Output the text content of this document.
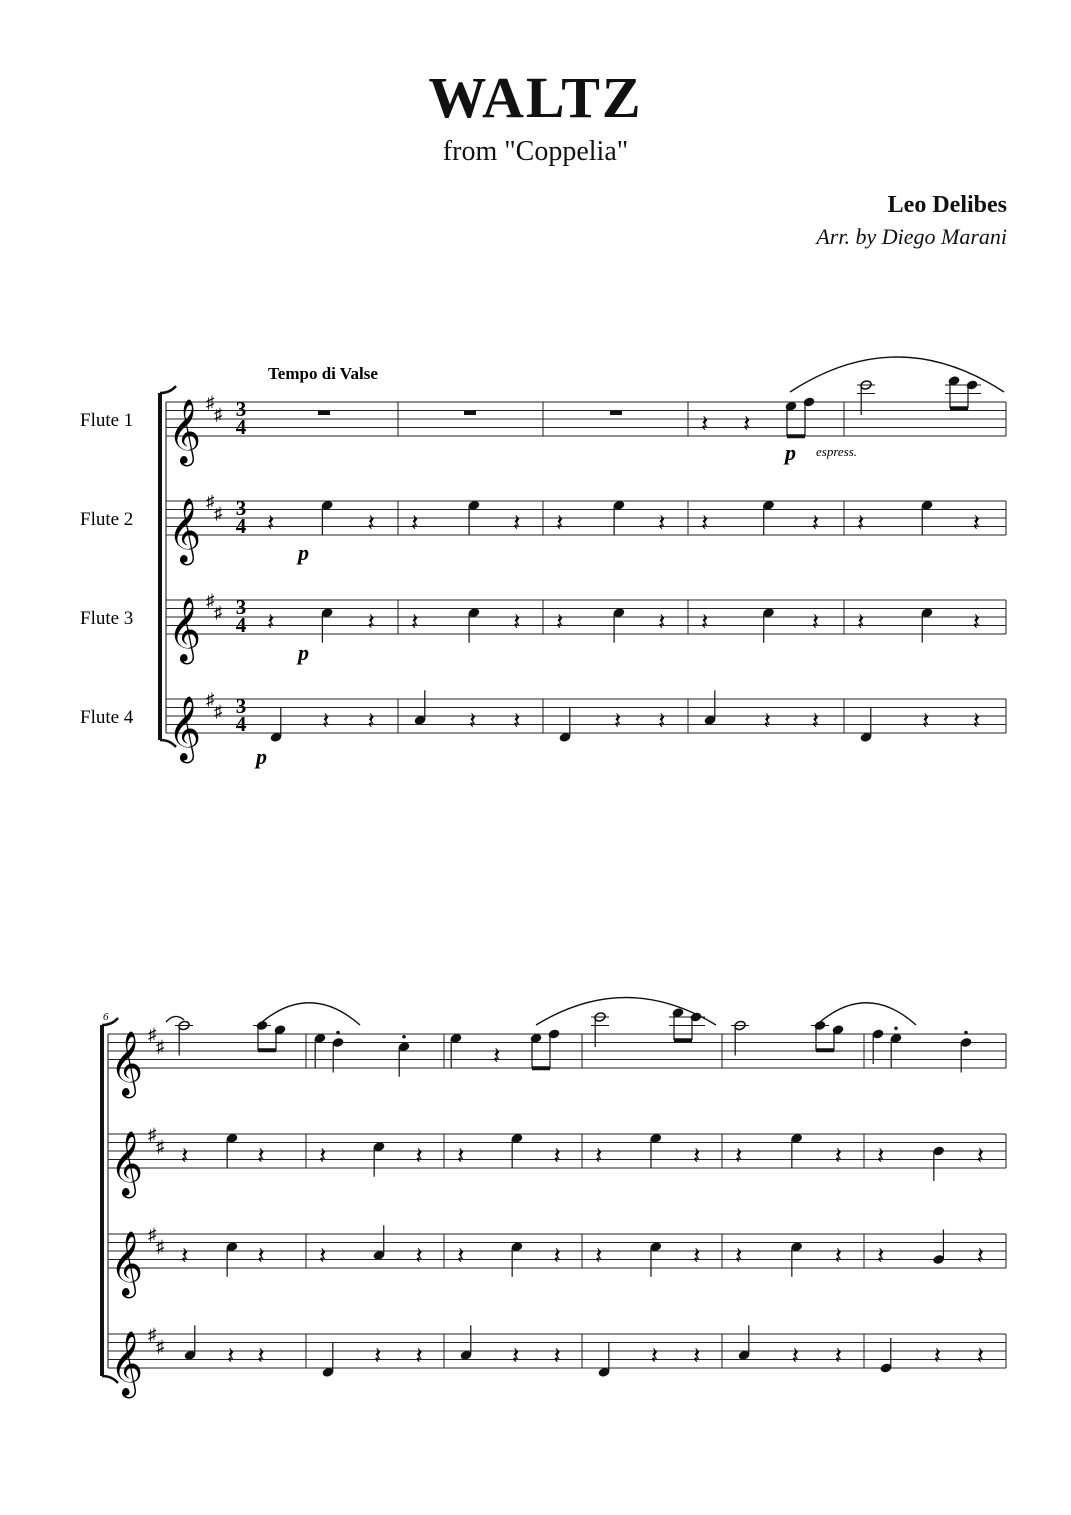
WALTZ
from "Coppelia"
Leo Delibes
Arr. by Diego Marani
Tempo di Valse
Flute 1
Flute 2
Flute 3
Flute 4
p espress.
p
p
p
6
3
4
3
4
3
4
3
4
𝄞 ♯
♯
𝄞 ♯
♯
𝄞 ♯
♯
𝄞 ♯
♯
𝄽 𝄽
𝄽	𝄽
𝄽	𝄽
𝄽 𝄽
𝄽	𝄽
𝄽	𝄽
𝄽 𝄽
𝄽	𝄽
𝄽	𝄽
𝄽 𝄽
𝄽	𝄽
𝄽	𝄽
𝄽 𝄽
𝄽	𝄽
𝄽	𝄽
𝄽 𝄽
𝄞 ♯
♯
𝄞 ♯
♯
𝄞 ♯
♯
𝄞 ♯
♯
𝄽
𝄽	𝄽
𝄽	𝄽
𝄽 𝄽
𝄽	𝄽
𝄽	𝄽
𝄽 𝄽
𝄽	𝄽
𝄽	𝄽
𝄽 𝄽
𝄽	𝄽
𝄽	𝄽
𝄽 𝄽
𝄽	𝄽
𝄽	𝄽
𝄽 𝄽
𝄽	𝄽
𝄽	𝄽
𝄽 𝄽
